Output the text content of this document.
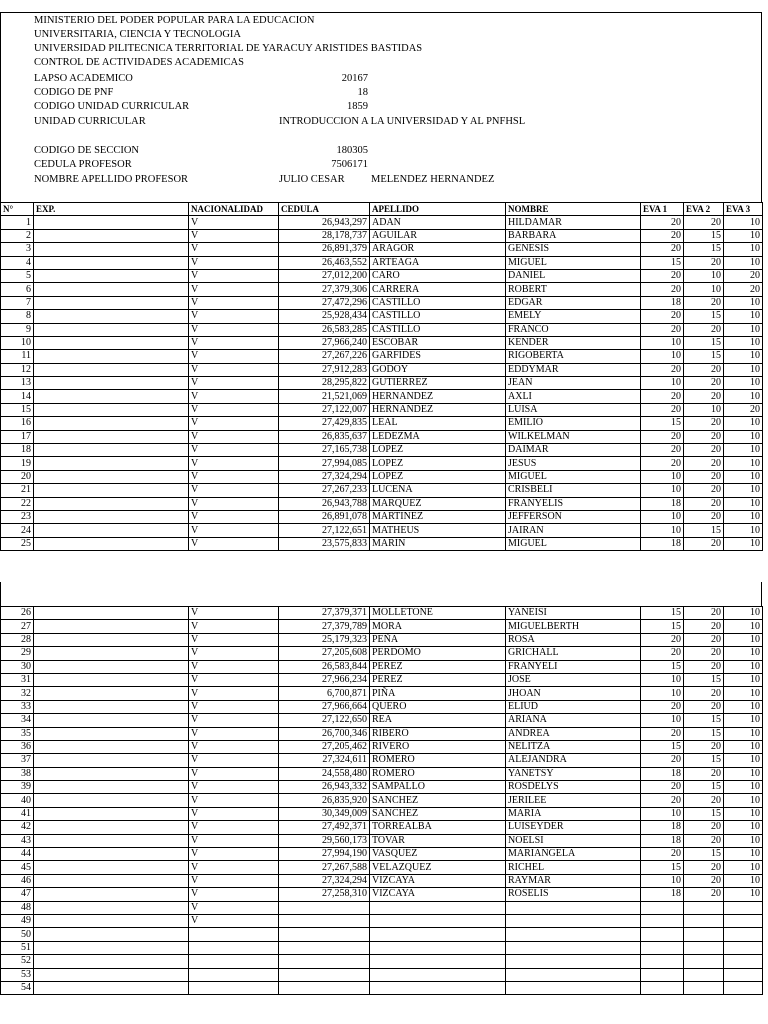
MINISTERIO DEL PODER POPULAR PARA LA EDUCACION
UNIVERSITARIA, CIENCIA Y TECNOLOGIA
UNIVERSIDAD PILITECNICA TERRITORIAL DE YARACUY ARISTIDES BASTIDAS
CONTROL DE ACTIVIDADES ACADEMICAS
LAPSO ACADEMICO	20167
CODIGO DE PNF	18
CODIGO UNIDAD CURRICULAR	1859
UNIDAD CURRICULAR	INTRODUCCION A LA UNIVERSIDAD Y AL PNFHSL
CODIGO DE SECCION	180305
CEDULA PROFESOR	7506171
NOMBRE APELLIDO PROFESOR	JULIO CESAR	MELENDEZ HERNANDEZ
N°	EXP.	NACIONALIDAD	CEDULA	APELLIDO	NOMBRE	EVA 1	EVA 2	EVA 3
1		V	26,943,297	ADAN	HILDAMAR	20	20	10
2		V	28,178,737	AGUILAR	BARBARA	20	15	10
3		V	26,891,379	ARAGOR	GENESIS	20	15	10
4		V	26,463,552	ARTEAGA	MIGUEL	15	20	10
5		V	27,012,200	CARO	DANIEL	20	10	20
6		V	27,379,306	CARRERA	ROBERT	20	10	20
7		V	27,472,296	CASTILLO	EDGAR	18	20	10
8		V	25,928,434	CASTILLO	EMELY	20	15	10
9		V	26,583,285	CASTILLO	FRANCO	20	20	10
10		V	27,966,240	ESCOBAR	KENDER	10	15	10
11		V	27,267,226	GARFIDES	RIGOBERTA	10	15	10
12		V	27,912,283	GODOY	EDDYMAR	20	20	10
13		V	28,295,822	GUTIERREZ	JEAN	10	20	10
14		V	21,521,069	HERNANDEZ	AXLI	20	20	10
15		V	27,122,007	HERNANDEZ	LUISA	20	10	20
16		V	27,429,835	LEAL	EMILIO	15	20	10
17		V	26,835,637	LEDEZMA	WILKELMAN	20	20	10
18		V	27,165,738	LOPEZ	DAIMAR	20	20	10
19		V	27,994,085	LOPEZ	JESUS	20	20	10
20		V	27,324,294	LOPEZ	MIGUEL	10	20	10
21		V	27,267,233	LUCENA	CRISBELI	10	20	10
22		V	26,943,788	MARQUEZ	FRANYELIS	18	20	10
23		V	26,891,078	MARTINEZ	JEFFERSON	10	20	10
24		V	27,122,651	MATHEUS	JAIRAN	10	15	10
25		V	23,575,833	MARIN	MIGUEL	18	20	10
26		V	27,379,371	MOLLETONE	YANEISI	15	20	10
27		V	27,379,789	MORA	MIGUELBERTH	15	20	10
28		V	25,179,323	PEÑA	ROSA	20	20	10
29		V	27,205,608	PERDOMO	GRICHALL	20	20	10
30		V	26,583,844	PEREZ	FRANYELI	15	20	10
31		V	27,966,234	PEREZ	JOSE	10	15	10
32		V	6,700,871	PIÑA	JHOAN	10	20	10
33		V	27,966,664	QUERO	ELIUD	20	20	10
34		V	27,122,650	REA	ARIANA	10	15	10
35		V	26,700,346	RIBERO	ANDREA	20	15	10
36		V	27,205,462	RIVERO	NELITZA	15	20	10
37		V	27,324,611	ROMERO	ALEJANDRA	20	15	10
38		V	24,558,480	ROMERO	YANETSY	18	20	10
39		V	26,943,332	SAMPALLO	ROSDELYS	20	15	10
40		V	26,835,920	SANCHEZ	JERILEE	20	20	10
41		V	30,349,009	SANCHEZ	MARIA	10	15	10
42		V	27,492,371	TORREALBA	LUISEYDER	18	20	10
43		V	29,560,173	TOVAR	NOELSI	18	20	10
44		V	27,994,190	VASQUEZ	MARIANGELA	20	15	10
45		V	27,267,588	VELAZQUEZ	RICHEL	15	20	10
46		V	27,324,294	VIZCAYA	RAYMAR	10	20	10
47		V	27,258,310	VIZCAYA	ROSELIS	18	20	10
48		V						
49		V						
50								
51								
52								
53								
54								
